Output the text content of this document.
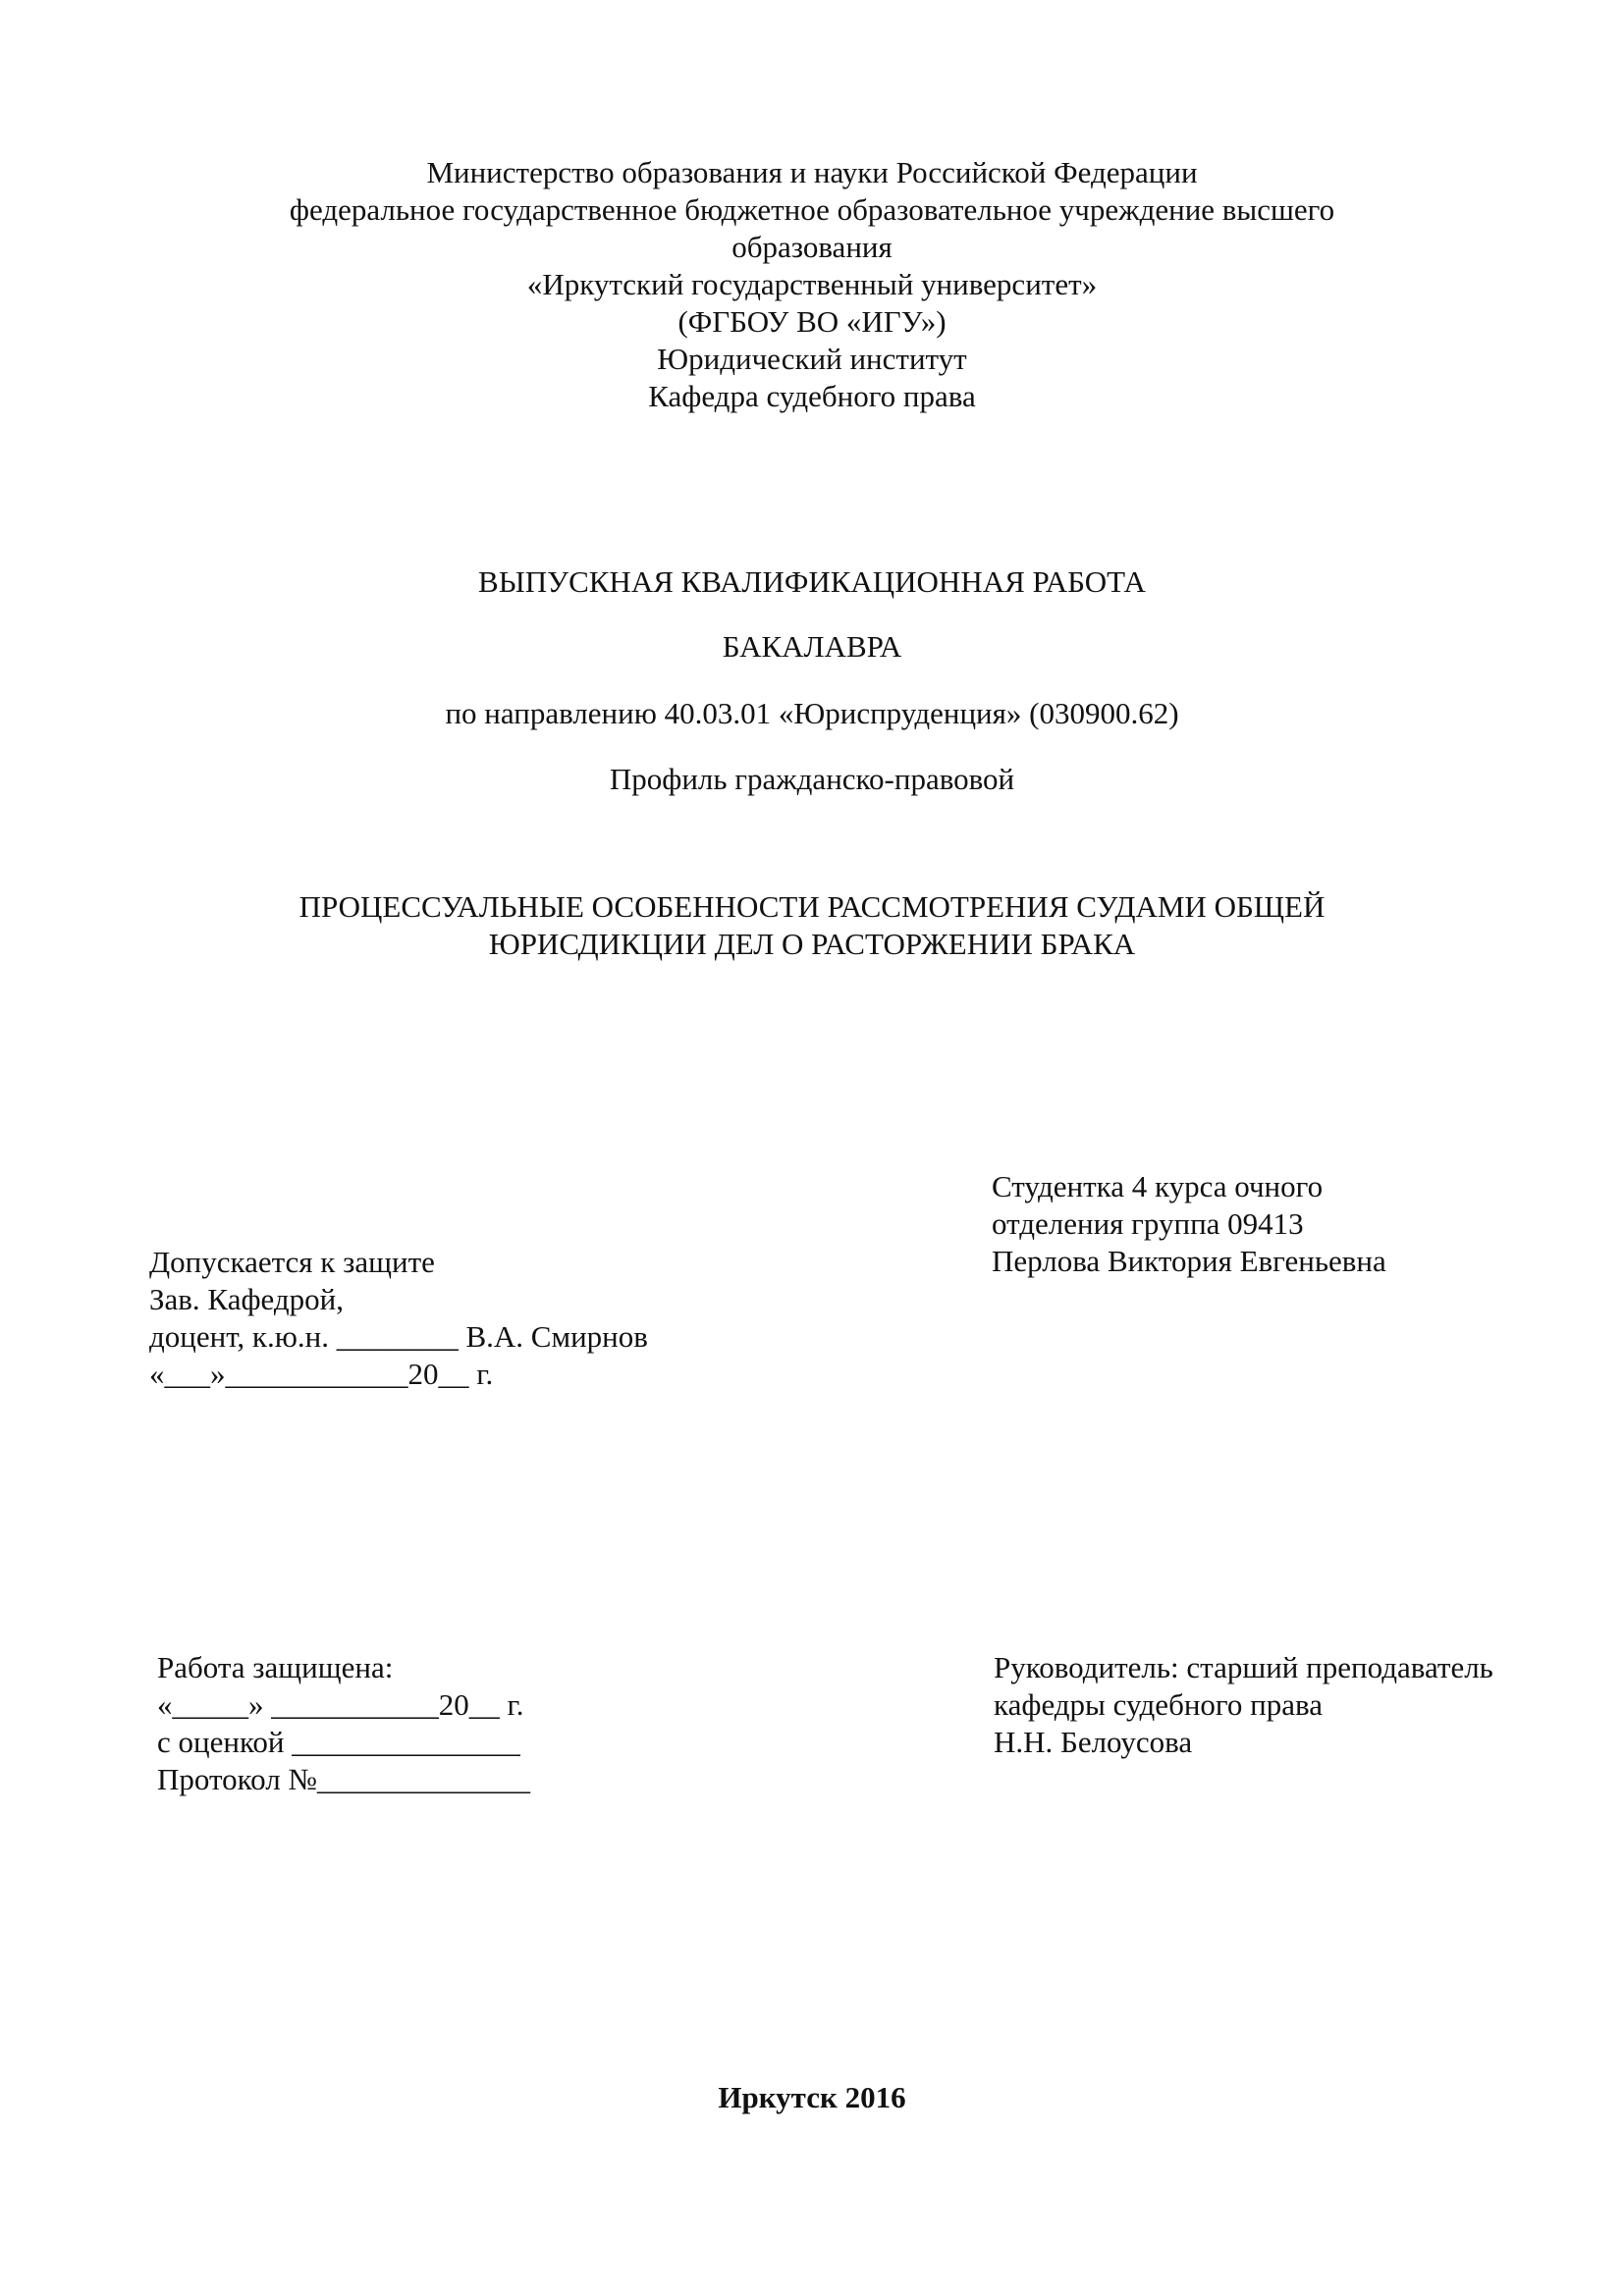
Министерство образования и науки Российской Федерации
федеральное государственное бюджетное образовательное учреждение высшего
образования
«Иркутский государственный университет»
(ФГБОУ ВО «ИГУ»)
Юридический институт
Кафедра судебного права
ВЫПУСКНАЯ КВАЛИФИКАЦИОННАЯ РАБОТА
БАКАЛАВРА
по направлению 40.03.01 «Юриспруденция» (030900.62)
Профиль гражданско-правовой
ПРОЦЕССУАЛЬНЫЕ ОСОБЕННОСТИ РАССМОТРЕНИЯ СУДАМИ ОБЩЕЙ
ЮРИСДИКЦИИ ДЕЛ О РАСТОРЖЕНИИ БРАКА
Студентка 4 курса очного
отделения группа 09413
Перлова Виктория Евгеньевна
Допускается к защите
Зав. Кафедрой,
доцент, к.ю.н. ________ В.А. Смирнов
«___»____________20__ г.
Работа защищена:
«_____» ___________20__ г.
с оценкой _______________
Протокол №______________
Руководитель: старший преподаватель
кафедры судебного права
Н.Н. Белоусова
Иркутск 2016
